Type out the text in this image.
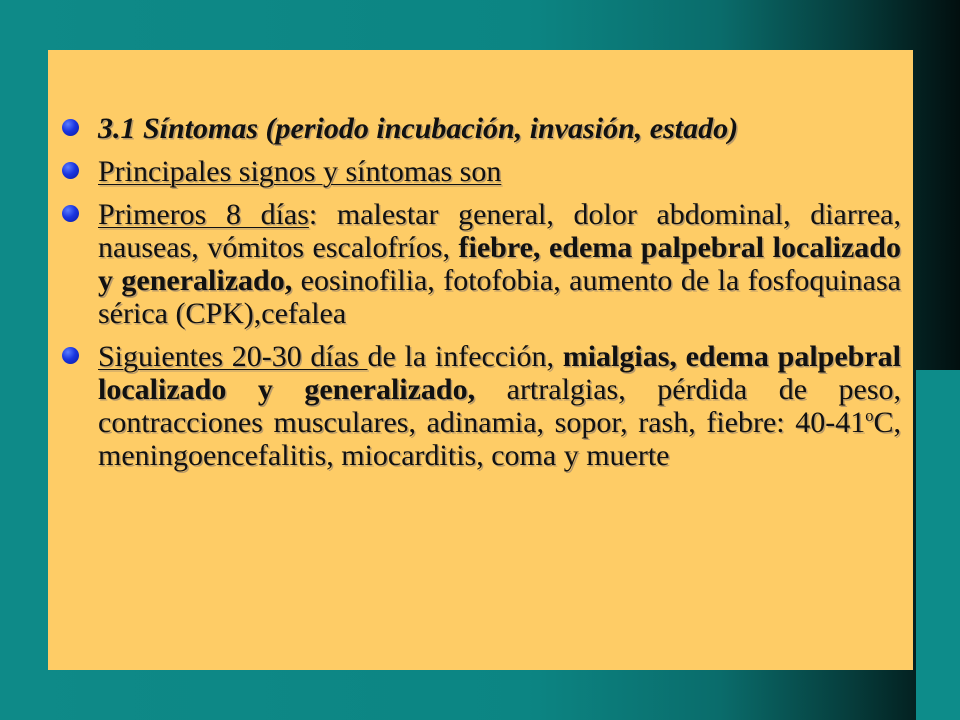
3.1 Síntomas (periodo incubación, invasión, estado)
Principales signos y síntomas son
Primeros 8 días: malestar general, dolor abdominal, diarrea, nauseas, vómitos escalofríos, fiebre, edema palpebral localizado y generalizado, eosinofilia, fotofobia, aumento de la fosfoquinasa sérica (CPK),cefalea
Siguientes 20-30 días de la infección, mialgias, edema palpebral localizado y generalizado, artralgias, pérdida de peso, contracciones musculares, adinamia, sopor, rash, fiebre: 40-41$^o$C, meningoencefalitis, miocarditis, coma y muerte
